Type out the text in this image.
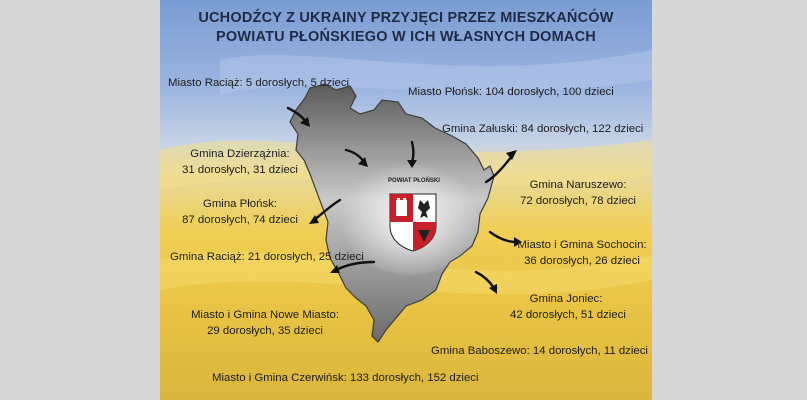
UCHODŹCY Z UKRAINY PRZYJĘCI PRZEZ MIESZKAŃCÓW
POWIATU PŁOŃSKIEGO W ICH WŁASNYCH DOMACH
POWIAT PŁOŃSKI
Miasto Raciąż: 5 dorosłych, 5 dzieci
Miasto Płońsk: 104 dorosłych, 100 dzieci
Gmina Załuski: 84 dorosłych, 122 dzieci
Gmina Dzierzążnia:
31 dorosłych, 31 dzieci
Gmina Naruszewo:
72 dorosłych, 78 dzieci
Gmina Płońsk:
87 dorosłych, 74 dzieci
Miasto i Gmina Sochocin:
36 dorosłych, 26 dzieci
Gmina Raciąż: 21 dorosłych, 25 dzieci
Gmina Joniec:
42 dorosłych, 51 dzieci
Miasto i Gmina Nowe Miasto:
29 dorosłych, 35 dzieci
Gmina Baboszewo: 14 dorosłych, 11 dzieci
Miasto i Gmina Czerwińsk: 133 dorosłych, 152 dzieci
